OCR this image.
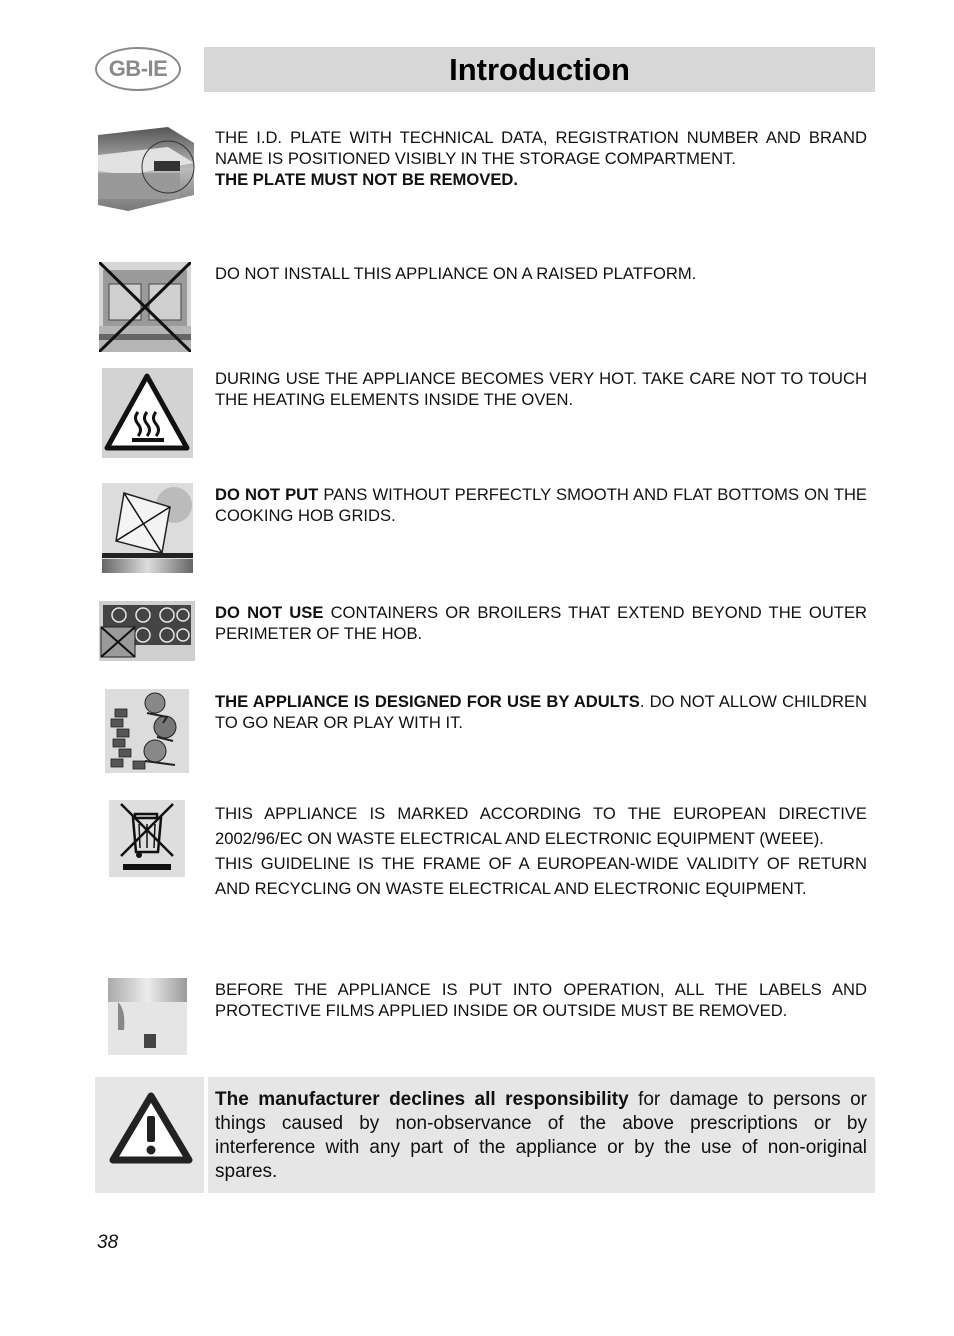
GB-IE	Introduction

THE I.D. PLATE WITH TECHNICAL DATA, REGISTRATION NUMBER AND BRAND NAME IS POSITIONED VISIBLY IN THE STORAGE COMPARTMENT.

THE PLATE MUST NOT BE REMOVED.

DO NOT INSTALL THIS APPLIANCE ON A RAISED PLATFORM.

DURING USE THE APPLIANCE BECOMES VERY HOT. TAKE CARE NOT TO TOUCH THE HEATING ELEMENTS INSIDE THE OVEN.

DO NOT PUT PANS WITHOUT PERFECTLY SMOOTH AND FLAT BOTTOMS ON THE COOKING HOB GRIDS.

DO NOT USE CONTAINERS OR BROILERS THAT EXTEND BEYOND THE OUTER PERIMETER OF THE HOB.

THE APPLIANCE IS DESIGNED FOR USE BY ADULTS. DO NOT ALLOW CHILDREN TO GO NEAR OR PLAY WITH IT.

THIS APPLIANCE IS MARKED ACCORDING TO THE EUROPEAN DIRECTIVE 2002/96/EC ON WASTE ELECTRICAL AND ELECTRONIC EQUIPMENT (WEEE).

THIS GUIDELINE IS THE FRAME OF A EUROPEAN-WIDE VALIDITY OF RETURN AND RECYCLING ON WASTE ELECTRICAL AND ELECTRONIC EQUIPMENT.

BEFORE THE APPLIANCE IS PUT INTO OPERATION, ALL THE LABELS AND PROTECTIVE FILMS APPLIED INSIDE OR OUTSIDE MUST BE REMOVED.

The manufacturer declines all responsibility for damage to persons or things caused by non-observance of the above prescriptions or by interference with any part of the appliance or by the use of non-original spares.
38
